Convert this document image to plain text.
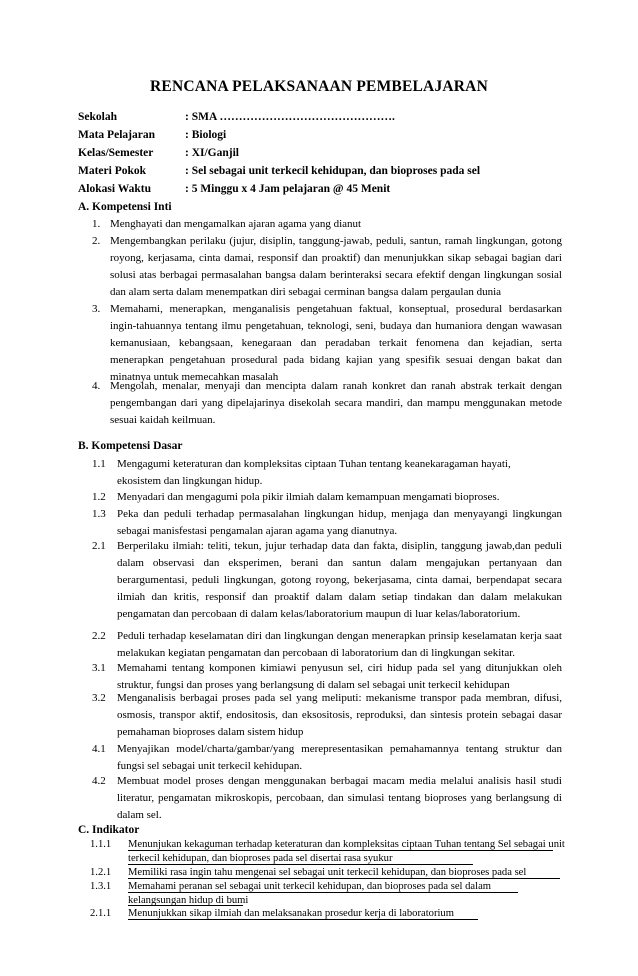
RENCANA PELAKSANAAN PEMBELAJARAN
Sekolah	: SMA ……………………………………….
Mata Pelajaran	: Biologi
Kelas/Semester	: XI/Ganjil
Materi Pokok	: Sel sebagai unit terkecil kehidupan, dan bioproses pada sel
Alokasi Waktu	: 5 Minggu x 4 Jam pelajaran @ 45 Menit
A. Kompetensi Inti
1. Menghayati dan mengamalkan ajaran agama yang dianut
2. Mengembangkan perilaku (jujur, disiplin, tanggung-jawab, peduli, santun, ramah lingkungan, gotong royong, kerjasama, cinta damai, responsif dan proaktif) dan menunjukkan sikap sebagai bagian dari solusi atas berbagai permasalahan bangsa dalam berinteraksi secara efektif dengan lingkungan sosial dan alam serta dalam menempatkan diri sebagai cerminan bangsa dalam pergaulan dunia
3. Memahami, menerapkan, menganalisis pengetahuan faktual, konseptual, prosedural berdasarkan ingin-tahuannya tentang ilmu pengetahuan, teknologi, seni, budaya dan humaniora dengan wawasan kemanusiaan, kebangsaan, kenegaraan dan peradaban terkait fenomena dan kejadian, serta menerapkan pengetahuan prosedural pada bidang kajian yang spesifik sesuai dengan bakat dan minatnya untuk memecahkan masalah
4. Mengolah, menalar, menyaji dan mencipta dalam ranah konkret dan ranah abstrak terkait dengan pengembangan dari yang dipelajarinya disekolah secara mandiri, dan mampu menggunakan metode sesuai kaidah keilmuan.
B. Kompetensi Dasar
1.1 Mengagumi keteraturan dan kompleksitas ciptaan Tuhan tentang keanekaragaman hayati, ekosistem dan lingkungan hidup.
1.2 Menyadari dan mengagumi pola pikir ilmiah dalam kemampuan mengamati bioproses.
1.3 Peka dan peduli terhadap permasalahan lingkungan hidup, menjaga dan menyayangi lingkungan sebagai manisfestasi pengamalan ajaran agama yang dianutnya.
2.1 Berperilaku ilmiah: teliti, tekun, jujur terhadap data dan fakta, disiplin, tanggung jawab,dan peduli dalam observasi dan eksperimen, berani dan santun dalam mengajukan pertanyaan dan berargumentasi, peduli lingkungan, gotong royong, bekerjasama, cinta damai, berpendapat secara ilmiah dan kritis, responsif dan proaktif dalam dalam setiap tindakan dan dalam melakukan pengamatan dan percobaan di dalam kelas/laboratorium maupun di luar kelas/laboratorium.
2.2 Peduli terhadap keselamatan diri dan lingkungan dengan menerapkan prinsip keselamatan kerja saat melakukan kegiatan pengamatan dan percobaan di laboratorium dan di lingkungan sekitar.
3.1 Memahami tentang komponen kimiawi penyusun sel, ciri hidup pada sel yang ditunjukkan oleh struktur, fungsi dan proses yang berlangsung di dalam sel sebagai unit terkecil kehidupan
3.2 Menganalisis berbagai proses pada sel yang meliputi: mekanisme transpor pada membran, difusi, osmosis, transpor aktif, endositosis, dan eksositosis, reproduksi, dan sintesis protein sebagai dasar pemahaman bioproses dalam sistem hidup
4.1 Menyajikan model/charta/gambar/yang merepresentasikan pemahamannya tentang struktur dan fungsi sel sebagai unit terkecil kehidupan.
4.2 Membuat model proses dengan menggunakan berbagai macam media melalui analisis hasil studi literatur, pengamatan mikroskopis, percobaan, dan simulasi tentang bioproses yang berlangsung di dalam sel.
C. Indikator
1.1.1 Menunjukan kekaguman terhadap keteraturan dan kompleksitas ciptaan Tuhan tentang Sel sebagai unit terkecil kehidupan, dan bioproses pada sel disertai rasa syukur
1.2.1 Memiliki rasa ingin tahu mengenai sel sebagai unit terkecil kehidupan, dan bioproses pada sel
1.3.1 Memahami peranan sel sebagai unit terkecil kehidupan, dan bioproses pada sel dalam kelangsungan hidup di bumi
2.1.1 Menunjukkan sikap ilmiah dan melaksanakan prosedur kerja di laboratorium
